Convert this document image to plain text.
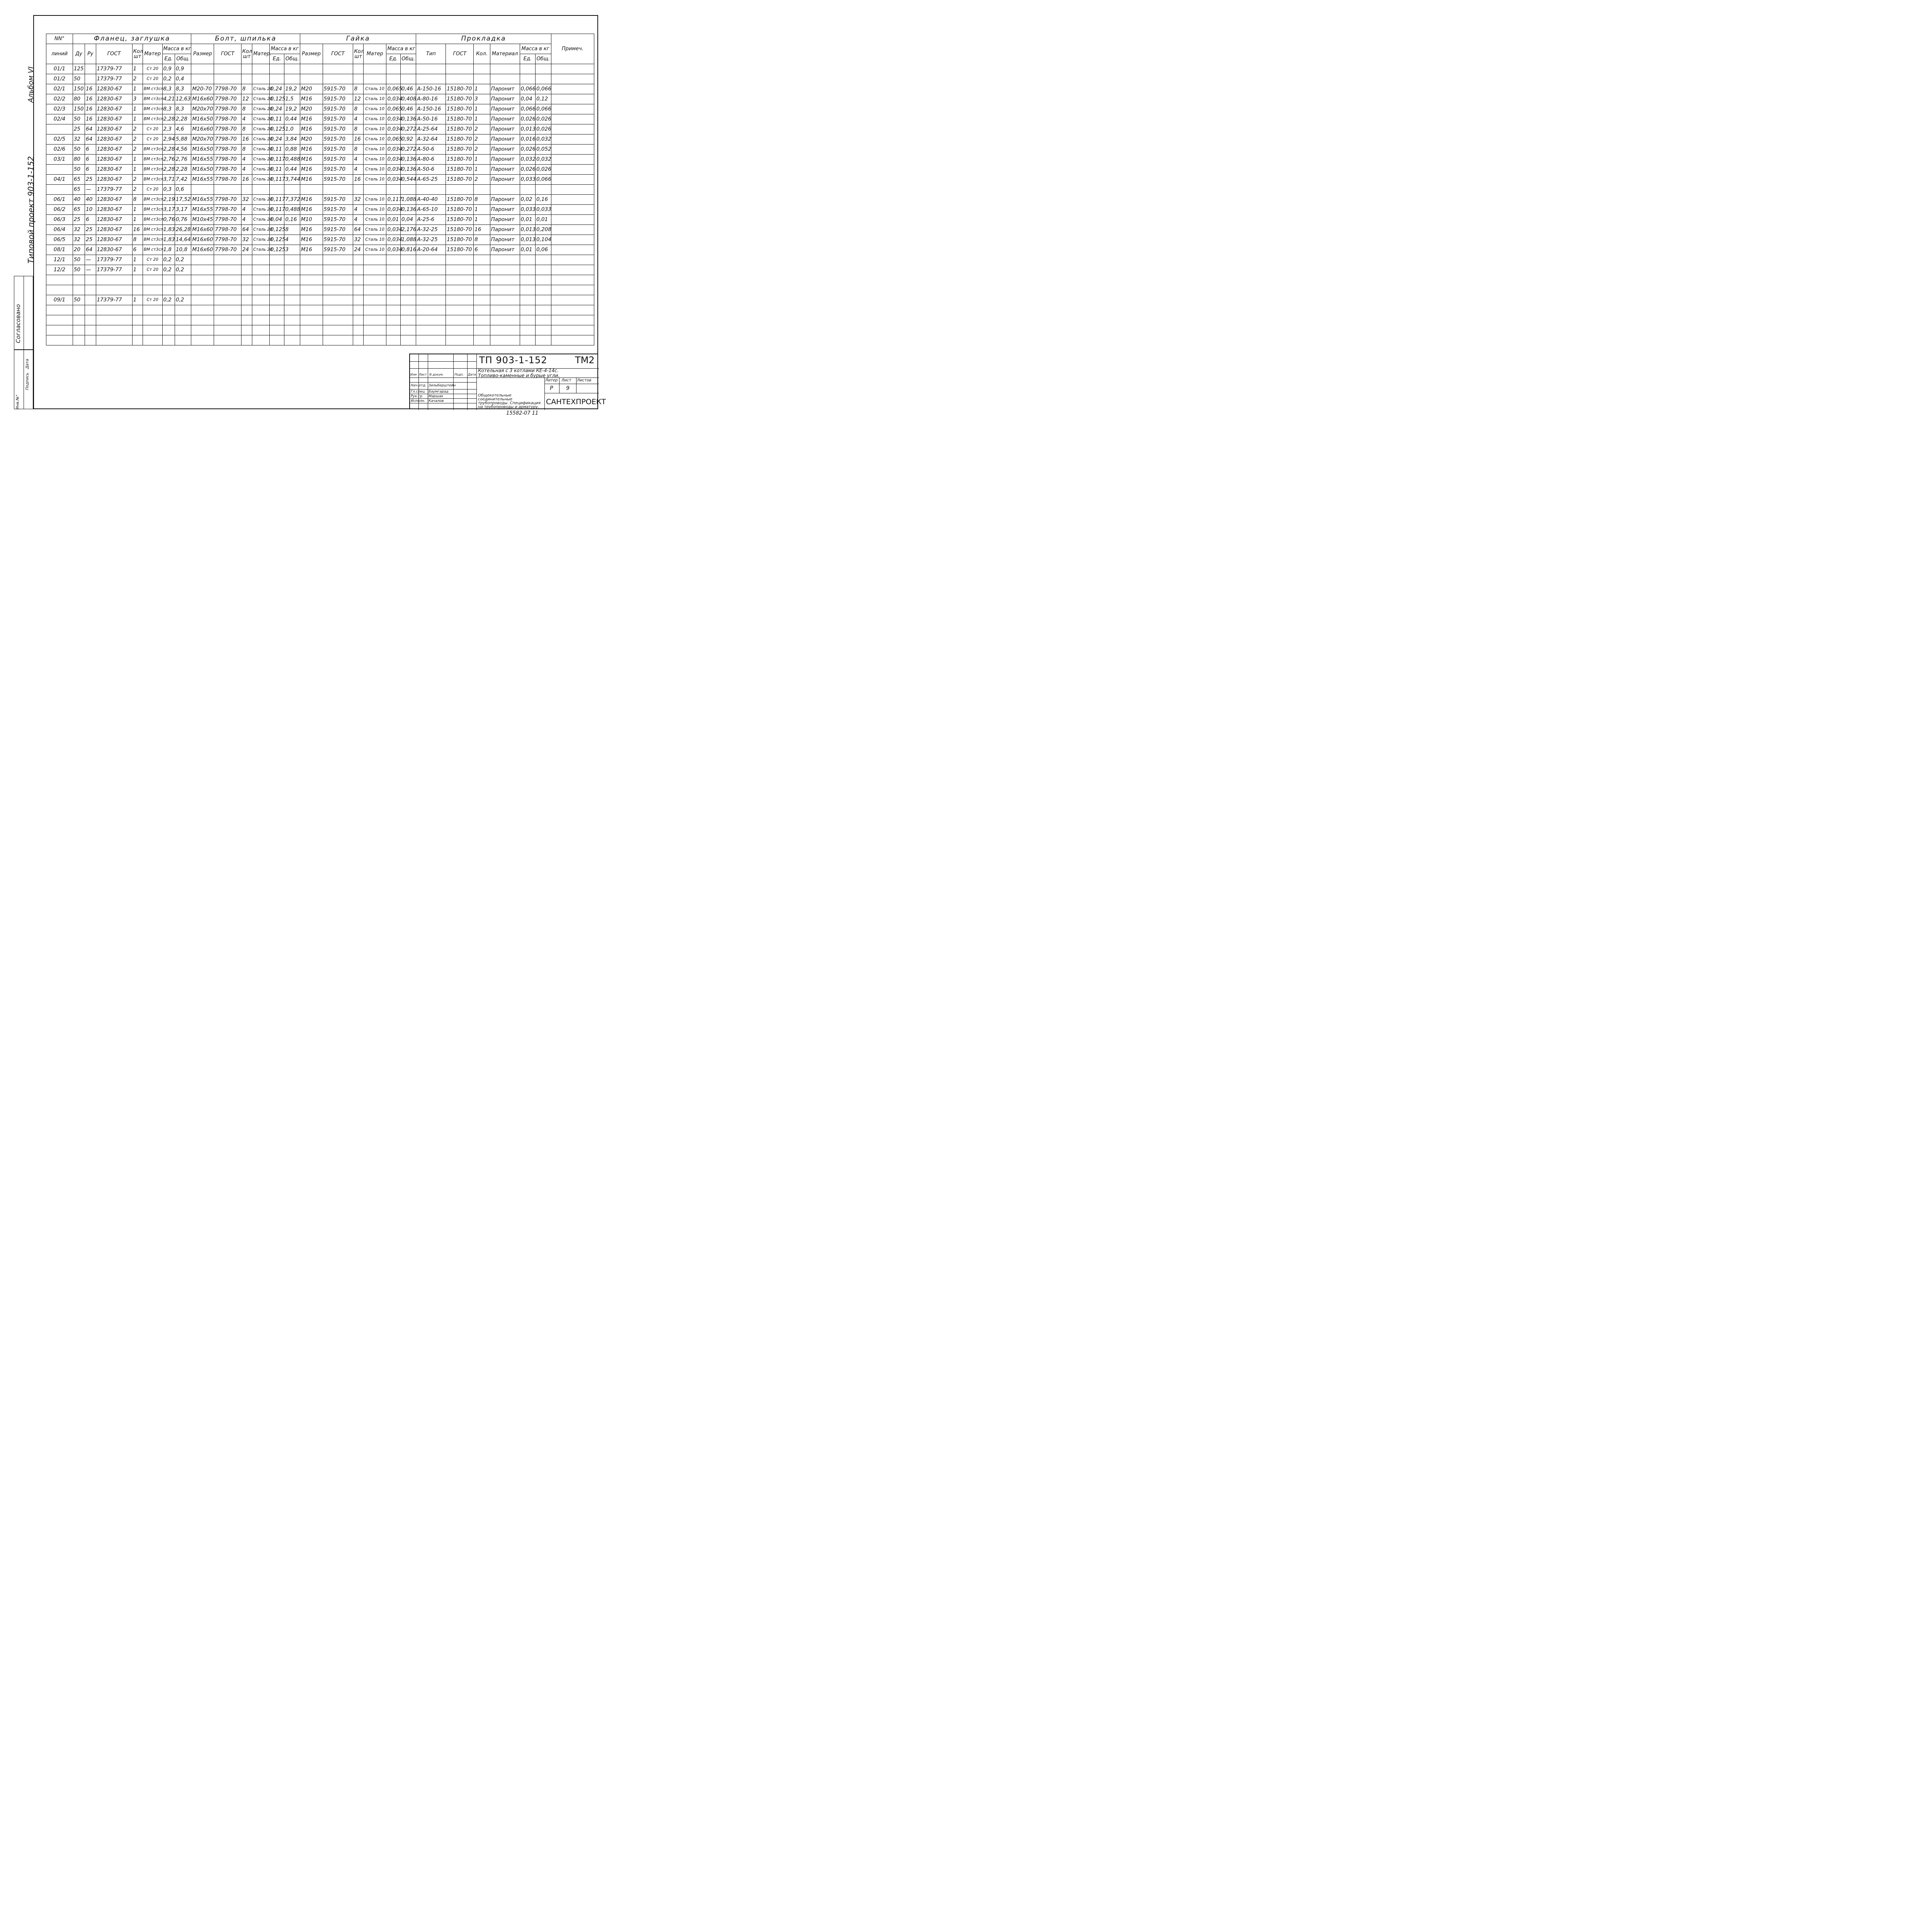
Альбом VI
Типовой проект 903-1-152
Согласовано
Инв.№°
Подпись
Дата
NN°	Фланец, заглушка							Болт, шпилька						Гайка						Прокладка						Примеч.
линий	Ду	Ру	ГОСТ	Кол шт	Матер	Масса в кг		Размер	ГОСТ	Кол шт	Матер.	Масса в кг		Размер	ГОСТ	Кол шт	Матер	Масса в кг		Тип	ГОСТ	Кол.	Материал	Масса в кг		
						Ед.	Общ.					Ед.	Общ.					Ед.	Общ.					Ед.	Общ.	
01/1	125		17379-77	1	Ст 20	0,9	0,9																			
01/2	50		17379-77	2	Ст 20	0,2	0,4																			
02/1	150	16	12830-67	1	ВМ ст3сп	8,3	8,3	М20-70	7798-70	8	Сталь 20	0,24	19,2	М20	5915-70	8	Сталь 10	0,065	0,46	А-150-16	15180-70	1	Паронит	0,066	0,066	
02/2	80	16	12830-67	3	ВМ ст3сп	4,21	12,63	М16х60	7798-70	12	Сталь 20	0,125	1,5	М16	5915-70	12	Сталь 10	0,034	0,408	А-80-16	15180-70	3	Паронит	0,04	0,12	
02/3	150	16	12830-67	1	ВМ ст3сп	8,3	8,3	М20х70	7798-70	8	Сталь 20	0,24	19,2	М20	5915-70	8	Сталь 10	0,065	0,46	А-150-16	15180-70	1	Паронит	0,066	0,066	
02/4	50	16	12830-67	1	ВМ ст3сп	2,28	2,28	М16х50	7798-70	4	Сталь 20	0,11	0,44	М16	5915-70	4	Сталь 10	0,034	0,136	А-50-16	15180-70	1	Паронит	0,026	0,026	
	25	64	12830-67	2	Ст 20	2,3	4,6	М16х60	7798-70	8	Сталь 20	0,125	1,0	М16	5915-70	8	Сталь 10	0,034	0,272	А-25-64	15180-70	2	Паронит	0,013	0,026	
02/5	32	64	12830-67	2	Ст 20	2,94	5,88	М20х70	7798-70	16	Сталь 20	0,24	3,84	М20	5915-70	16	Сталь 10	0,065	0,92	А-32-64	15180-70	2	Паронит	0,016	0,032	
02/6	50	6	12830-67	2	ВМ ст3сп	2,28	4,56	М16х50	7798-70	8	Сталь 20	0,11	0,88	М16	5915-70	8	Сталь 10	0,034	0,272	А-50-6	15180-70	2	Паронит	0,026	0,052	
03/1	80	6	12830-67	1	ВМ ст3сп	2,76	2,76	М16х55	7798-70	4	Сталь 20	0,117	0,488	М16	5915-70	4	Сталь 10	0,034	0,136	А-80-6	15180-70	1	Паронит	0,032	0,032	
	50	6	12830-67	1	ВМ ст3сп	2,28	2,28	М16х50	7798-70	4	Сталь 20	0,11	0,44	М16	5915-70	4	Сталь 10	0,034	0,136	А-50-6	15180-70	1	Паронит	0,026	0,026	
04/1	65	25	12830-67	2	ВМ ст3сп	3,71	7,42	М16х55	7798-70	16	Сталь 20	0,117	3,744	М16	5915-70	16	Сталь 10	0,034	0,544	А-65-25	15180-70	2	Паронит	0,033	0,066	
	65	—	17379-77	2	Ст 20	0,3	0,6																			
06/1	40	40	12830-67	8	ВМ ст3сп	2,19	17,52	М16х55	7798-70	32	Сталь 20	0,117	7,372	М16	5915-70	32	Сталь 10	0,117	1,088	А-40-40	15180-70	8	Паронит	0,02	0,16	
06/2	65	10	12830-67	1	ВМ ст3сп	3,17	3,17	М16х55	7798-70	4	Сталь 20	0,117	0,488	М16	5915-70	4	Сталь 10	0,034	0,136	А-65-10	15180-70	1	Паронит	0,033	0,033	
06/3	25	6	12830-67	1	ВМ ст3сп	0,76	0,76	М10х45	7798-70	4	Сталь 20	0,04	0,16	М10	5915-70	4	Сталь 10	0,01	0,04	А-25-6	15180-70	1	Паронит	0,01	0,01	
06/4	32	25	12830-67	16	ВМ ст3сп	1,83	26,28	М16х60	7798-70	64	Сталь 20	0,125	8	М16	5915-70	64	Сталь 10	0,034	2,176	А-32-25	15180-70	16	Паронит	0,013	0,208	
06/5	32	25	12830-67	8	ВМ ст3сп	1,83	14,64	М16х60	7798-70	32	Сталь 20	0,125	4	М16	5915-70	32	Сталь 10	0,034	1,088	А-32-25	15180-70	8	Паронит	0,013	0,104	
08/1	20	64	12830-67	6	ВМ ст3сп	1,8	10,8	М16х60	7798-70	24	Сталь 20	0,125	3	М16	5915-70	24	Сталь 10	0,034	0,816	А-20-64	15180-70	6	Паронит	0,01	0,06	
12/1	50	—	17379-77	1	Ст 20	0,2	0,2																			
12/2	50	—	17379-77	1	Ст 20	0,2	0,2																			

09/1	50		17379-77	1	Ст 20	0,2	0,2																			

Изм Лист N докум.	Подп. Дата
Нач.отд. Зильберштейн
Гл.спец Баумгарад
Рук.гр. Маршак
Исполн. Качалов
Котельная с 3 котлами КЕ-4-14с.
Топливо-каменные и бурые угли.
Литер Лист Листов
Р 9
Общекотельные соединительные трубопроводы. Спецификация на трубопроводы и арматуру.
САНТЕХПРОЕКТ
ТП 903-1-152	ТМ2
15582-07 11
